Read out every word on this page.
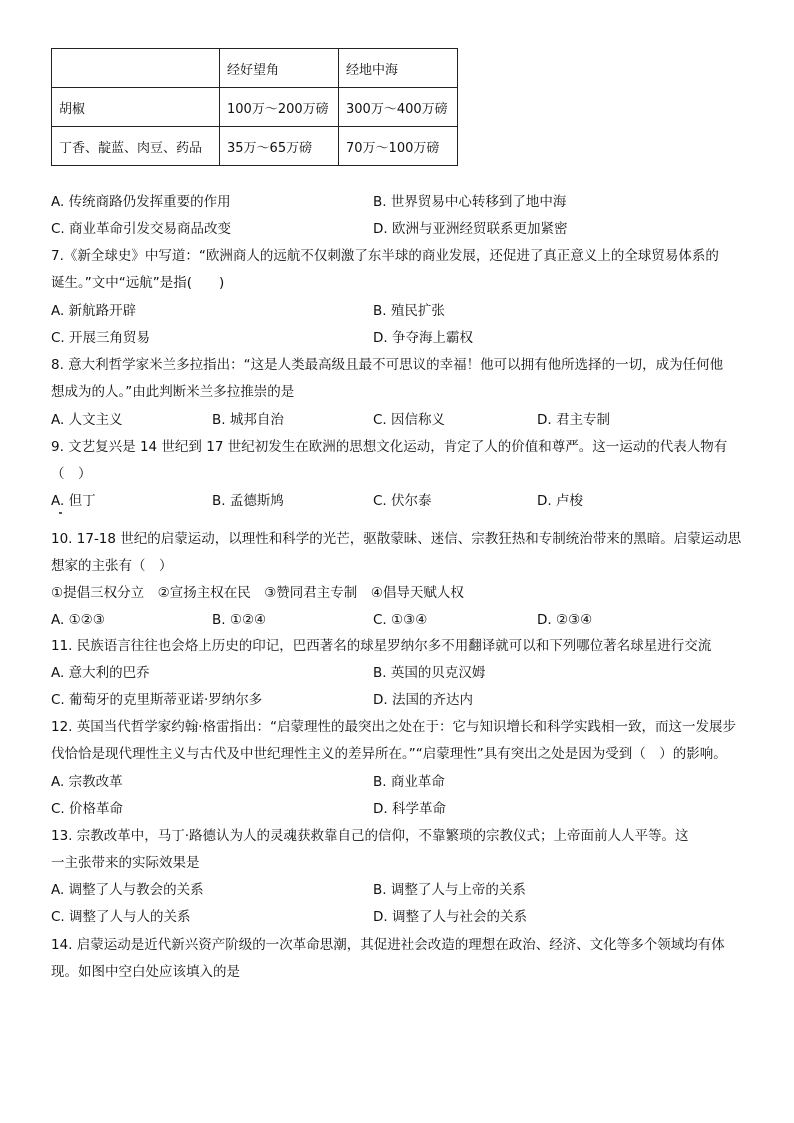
	经好望角	经地中海
胡椒	100万～200万磅	300万～400万磅
丁香、靛蓝、肉豆、药品	35万～65万磅	70万～100万磅
A. 传统商路仍发挥重要的作用	B. 世界贸易中心转移到了地中海
C. 商业革命引发交易商品改变	D. 欧洲与亚洲经贸联系更加紧密
7.《新全球史》中写道：“欧洲商人的远航不仅刺激了东半球的商业发展，还促进了真正意义上的全球贸易体系的
诞生。”文中“远航”是指(　　)
A. 新航路开辟	B. 殖民扩张
C. 开展三角贸易	D. 争夺海上霸权
8. 意大利哲学家米兰多拉指出：“这是人类最高级且最不可思议的幸福！他可以拥有他所选择的一切，成为任何他
想成为的人。”由此判断米兰多拉推崇的是
A. 人文主义	B. 城邦自治	C. 因信称义	D. 君主专制
9. 文艺复兴是 14 世纪到 17 世纪初发生在欧洲的思想文化运动，肯定了人的价值和尊严。这一运动的代表人物有
（　）
A. 但丁	B. 孟德斯鸠	C. 伏尔泰	D. 卢梭
10. 17-18 世纪的启蒙运动，以理性和科学的光芒，驱散蒙昧、迷信、宗教狂热和专制统治带来的黑暗。启蒙运动思
想家的主张有（　）
①提倡三权分立　②宣扬主权在民　③赞同君主专制　④倡导天赋人权
A. ①②③	B. ①②④	C. ①③④	D. ②③④
11. 民族语言往往也会烙上历史的印记，巴西著名的球星罗纳尔多不用翻译就可以和下列哪位著名球星进行交流
A. 意大利的巴乔	B. 英国的贝克汉姆
C. 葡萄牙的克里斯蒂亚诺·罗纳尔多	D. 法国的齐达内
12. 英国当代哲学家约翰·格雷指出：“启蒙理性的最突出之处在于：它与知识增长和科学实践相一致，而这一发展步
伐恰恰是现代理性主义与古代及中世纪理性主义的差异所在。”“启蒙理性”具有突出之处是因为受到（　）的影响。
A. 宗教改革	B. 商业革命
C. 价格革命	D. 科学革命
13. 宗教改革中，马丁·路德认为人的灵魂获救靠自己的信仰，不靠繁琐的宗教仪式；上帝面前人人平等。这
一主张带来的实际效果是
A. 调整了人与教会的关系	B. 调整了人与上帝的关系
C. 调整了人与人的关系	D. 调整了人与社会的关系
14. 启蒙运动是近代新兴资产阶级的一次革命思潮，其促进社会改造的理想在政治、经济、文化等多个领域均有体
现。如图中空白处应该填入的是
